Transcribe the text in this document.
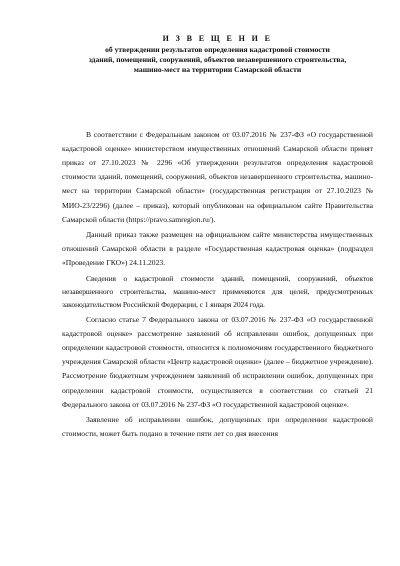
И З В Е Щ Е Н И Е
об утверждении результатов определения кадастровой стоимости
зданий, помещений, сооружений, объектов незавершенного строительства,
машино-мест на территории Самарской области

В соответствии с Федеральным законом от 03.07.2016 № 237-ФЗ «О государственной кадастровой оценке» министерством имущественных отношений Самарской области принят приказ от 27.10.2023 № 2296 «Об утверждении результатов определения кадастровой стоимости зданий, помещений, сооружений, объектов незавершенного строительства, машино-мест на территории Самарской области» (государственная регистрация от 27.10.2023 № МИО-23/2296) (далее – приказ), который опубликован на официальном сайте Правительства Самарской области (https://pravo.samregion.ru/).

Данный приказ также размещен на официальном сайте министерства имущественных отношений Самарской области в разделе «Государственная кадастровая оценка» (подраздел «Проведение ГКО») 24.11.2023.

Сведения о кадастровой стоимости зданий, помещений, сооружений, объектов незавершенного строительства, машино-мест применяются для целей, предусмотренных законодательством Российской Федерации, с 1 января 2024 года.

Согласно статье 7 Федерального закона от 03.07.2016 № 237-ФЗ «О государственной кадастровой оценке» рассмотрение заявлений об исправлении ошибок, допущенных при определении кадастровой стоимости, относится к полномочиям государственного бюджетного учреждения Самарской области «Центр кадастровой оценки» (далее – бюджетное учреждение). Рассмотрение бюджетным учреждением заявлений об исправлении ошибок, допущенных при определении кадастровой стоимости, осуществляется в соответствии со статьей 21 Федерального закона от 03.07.2016 № 237-ФЗ «О государственной кадастровой оценке».

Заявление об исправлении ошибок, допущенных при определении кадастровой стоимости, может быть подано в течение пяти лет со дня внесения
